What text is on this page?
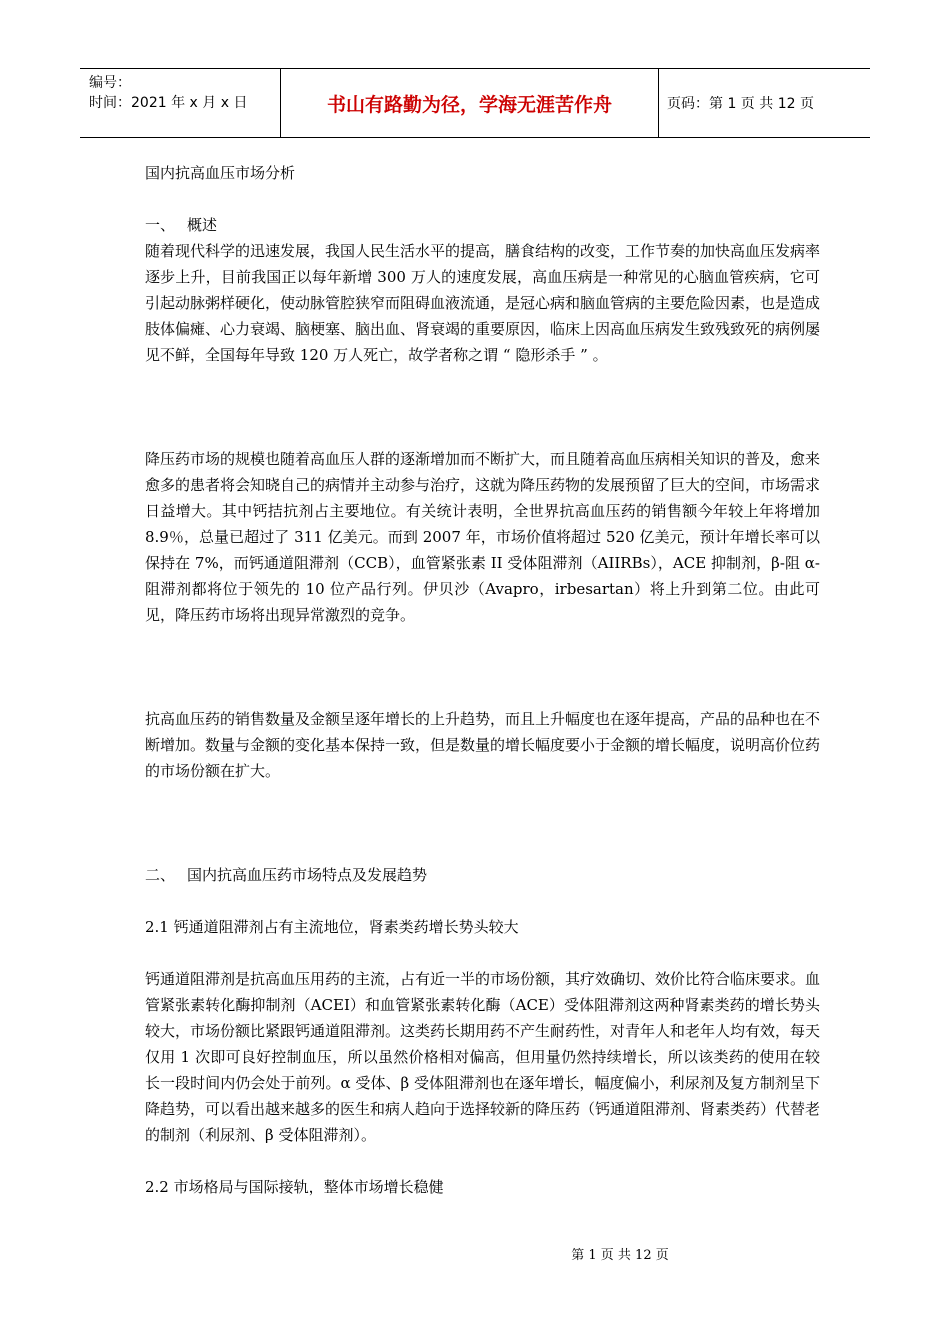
编号：
时间：2021 年 x 月 x 日	书山有路勤为径，学海无涯苦作舟	页码：第 1 页 共 12 页

国内抗高血压市场分析

一、 概述

随着现代科学的迅速发展，我国人民生活水平的提高，膳食结构的改变，工作节奏的加快高血压发病率逐步上升，目前我国正以每年新增 300 万人的速度发展，高血压病是一种常见的心脑血管疾病，它可引起动脉粥样硬化，使动脉管腔狭窄而阻碍血液流通，是冠心病和脑血管病的主要危险因素，也是造成肢体偏瘫、心力衰竭、脑梗塞、脑出血、肾衰竭的重要原因，临床上因高血压病发生致残致死的病例屡见不鲜，全国每年导致 120 万人死亡，故学者称之谓 “ 隐形杀手 ” 。

降压药市场的规模也随着高血压人群的逐渐增加而不断扩大，而且随着高血压病相关知识的普及，愈来愈多的患者将会知晓自己的病情并主动参与治疗，这就为降压药物的发展预留了巨大的空间，市场需求日益增大。其中钙拮抗剂占主要地位。有关统计表明，全世界抗高血压药的销售额今年较上年将增加 8.9％，总量已超过了 311 亿美元。而到 2007 年，市场价值将超过 520 亿美元，预计年增长率可以保持在 7%，而钙通道阻滞剂（CCB），血管紧张素 II 受体阻滞剂（AIIRBs），ACE 抑制剂，β-阻 α-阻滞剂都将位于领先的 10 位产品行列。伊贝沙（Avapro，irbesartan）将上升到第二位。由此可见，降压药市场将出现异常激烈的竞争。

抗高血压药的销售数量及金额呈逐年增长的上升趋势，而且上升幅度也在逐年提高，产品的品种也在不断增加。数量与金额的变化基本保持一致，但是数量的增长幅度要小于金额的增长幅度，说明高价位药的市场份额在扩大。

二、 国内抗高血压药市场特点及发展趋势

2.1 钙通道阻滞剂占有主流地位，肾素类药增长势头较大

钙通道阻滞剂是抗高血压用药的主流，占有近一半的市场份额，其疗效确切、效价比符合临床要求。血管紧张素转化酶抑制剂（ACEI）和血管紧张素转化酶（ACE）受体阻滞剂这两种肾素类药的增长势头较大，市场份额比紧跟钙通道阻滞剂。这类药长期用药不产生耐药性，对青年人和老年人均有效，每天仅用 1 次即可良好控制血压，所以虽然价格相对偏高，但用量仍然持续增长，所以该类药的使用在较长一段时间内仍会处于前列。α 受体、β 受体阻滞剂也在逐年增长，幅度偏小，利尿剂及复方制剂呈下降趋势，可以看出越来越多的医生和病人趋向于选择较新的降压药（钙通道阻滞剂、肾素类药）代替老的制剂（利尿剂、β 受体阻滞剂）。

2.2 市场格局与国际接轨，整体市场增长稳健

第 1 页 共 12 页
